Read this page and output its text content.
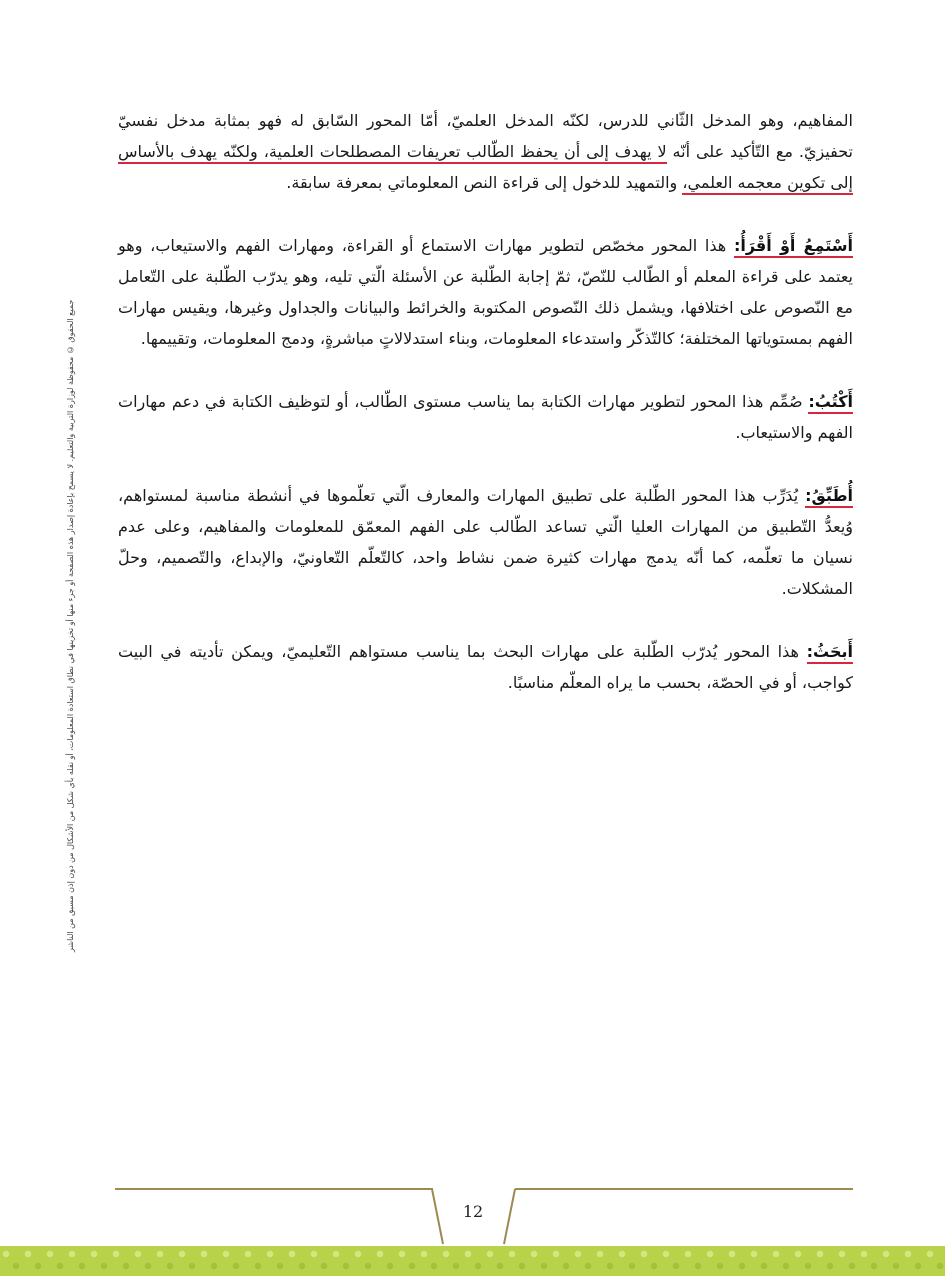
المفاهيم، وهو المدخل الثّاني للدرس، لكنّه المدخل العلميّ، أمّا المحور السّابق له فهو بمثابة مدخل نفسيّ تحفيزيّ. مع التّأكيد على أنّه لا يهدف إلى أن يحفظ الطّالب تعريفات المصطلحات العلمية، ولكنّه يهدف بالأساس إلى تكوين معجمه العلمي، والتمهيد للدخول إلى قراءة النص المعلوماتي بمعرفة سابقة.

أَسْتَمِعُ أَوْ أَقْرَأُ: هذا المحور مخصّص لتطوير مهارات الاستماع أو القراءة، ومهارات الفهم والاستيعاب، وهو يعتمد على قراءة المعلم أو الطّالب للنّصّ، ثمّ إجابة الطّلبة عن الأسئلة الّتي تليه، وهو يدرّب الطّلبة على التّعامل مع النّصوص على اختلافها، ويشمل ذلك النّصوص المكتوبة والخرائط والبيانات والجداول وغيرها، ويقيس مهارات الفهم بمستوياتها المختلفة؛ كالتّذكّر واستدعاء المعلومات، وبناء استدلالاتٍ مباشرةٍ، ودمج المعلومات، وتقييمها.

أَكْتُبُ: صُمِّم هذا المحور لتطوير مهارات الكتابة بما يناسب مستوى الطّالب، أو لتوظيف الكتابة في دعم مهارات الفهم والاستيعاب.

أُطَبِّقُ: يُدَرِّب هذا المحور الطّلبة على تطبيق المهارات والمعارف الّتي تعلّموها في أنشطة مناسبة لمستواهم، وُيعدُّ التّطبيق من المهارات العليا الّتي تساعد الطّالب على الفهم المعمّق للمعلومات والمفاهيم، وعلى عدم نسيان ما تعلّمه، كما أنّه يدمج مهارات كثيرة ضمن نشاط واحد، كالتّعلّم التّعاونيّ، والإبداع، والتّصميم، وحلّ المشكلات.

أَبحَثُ: هذا المحور يُدرّب الطّلبة على مهارات البحث بما يناسب مستواهم التّعليميّ، ويمكن تأديته في البيت كواجب، أو في الحصّة، بحسب ما يراه المعلّم مناسبًا.

جميع الحقوق © محفوظة لوزارة التربية والتعليم. لا يسمح بإعادة إصدار هذه الصفحة أو جزء منها أو تخزينها في نطاق استعادة المعلومات، أو نقله بأي شكل من الأشكال من دون إذن مسبق من الناشر
12
